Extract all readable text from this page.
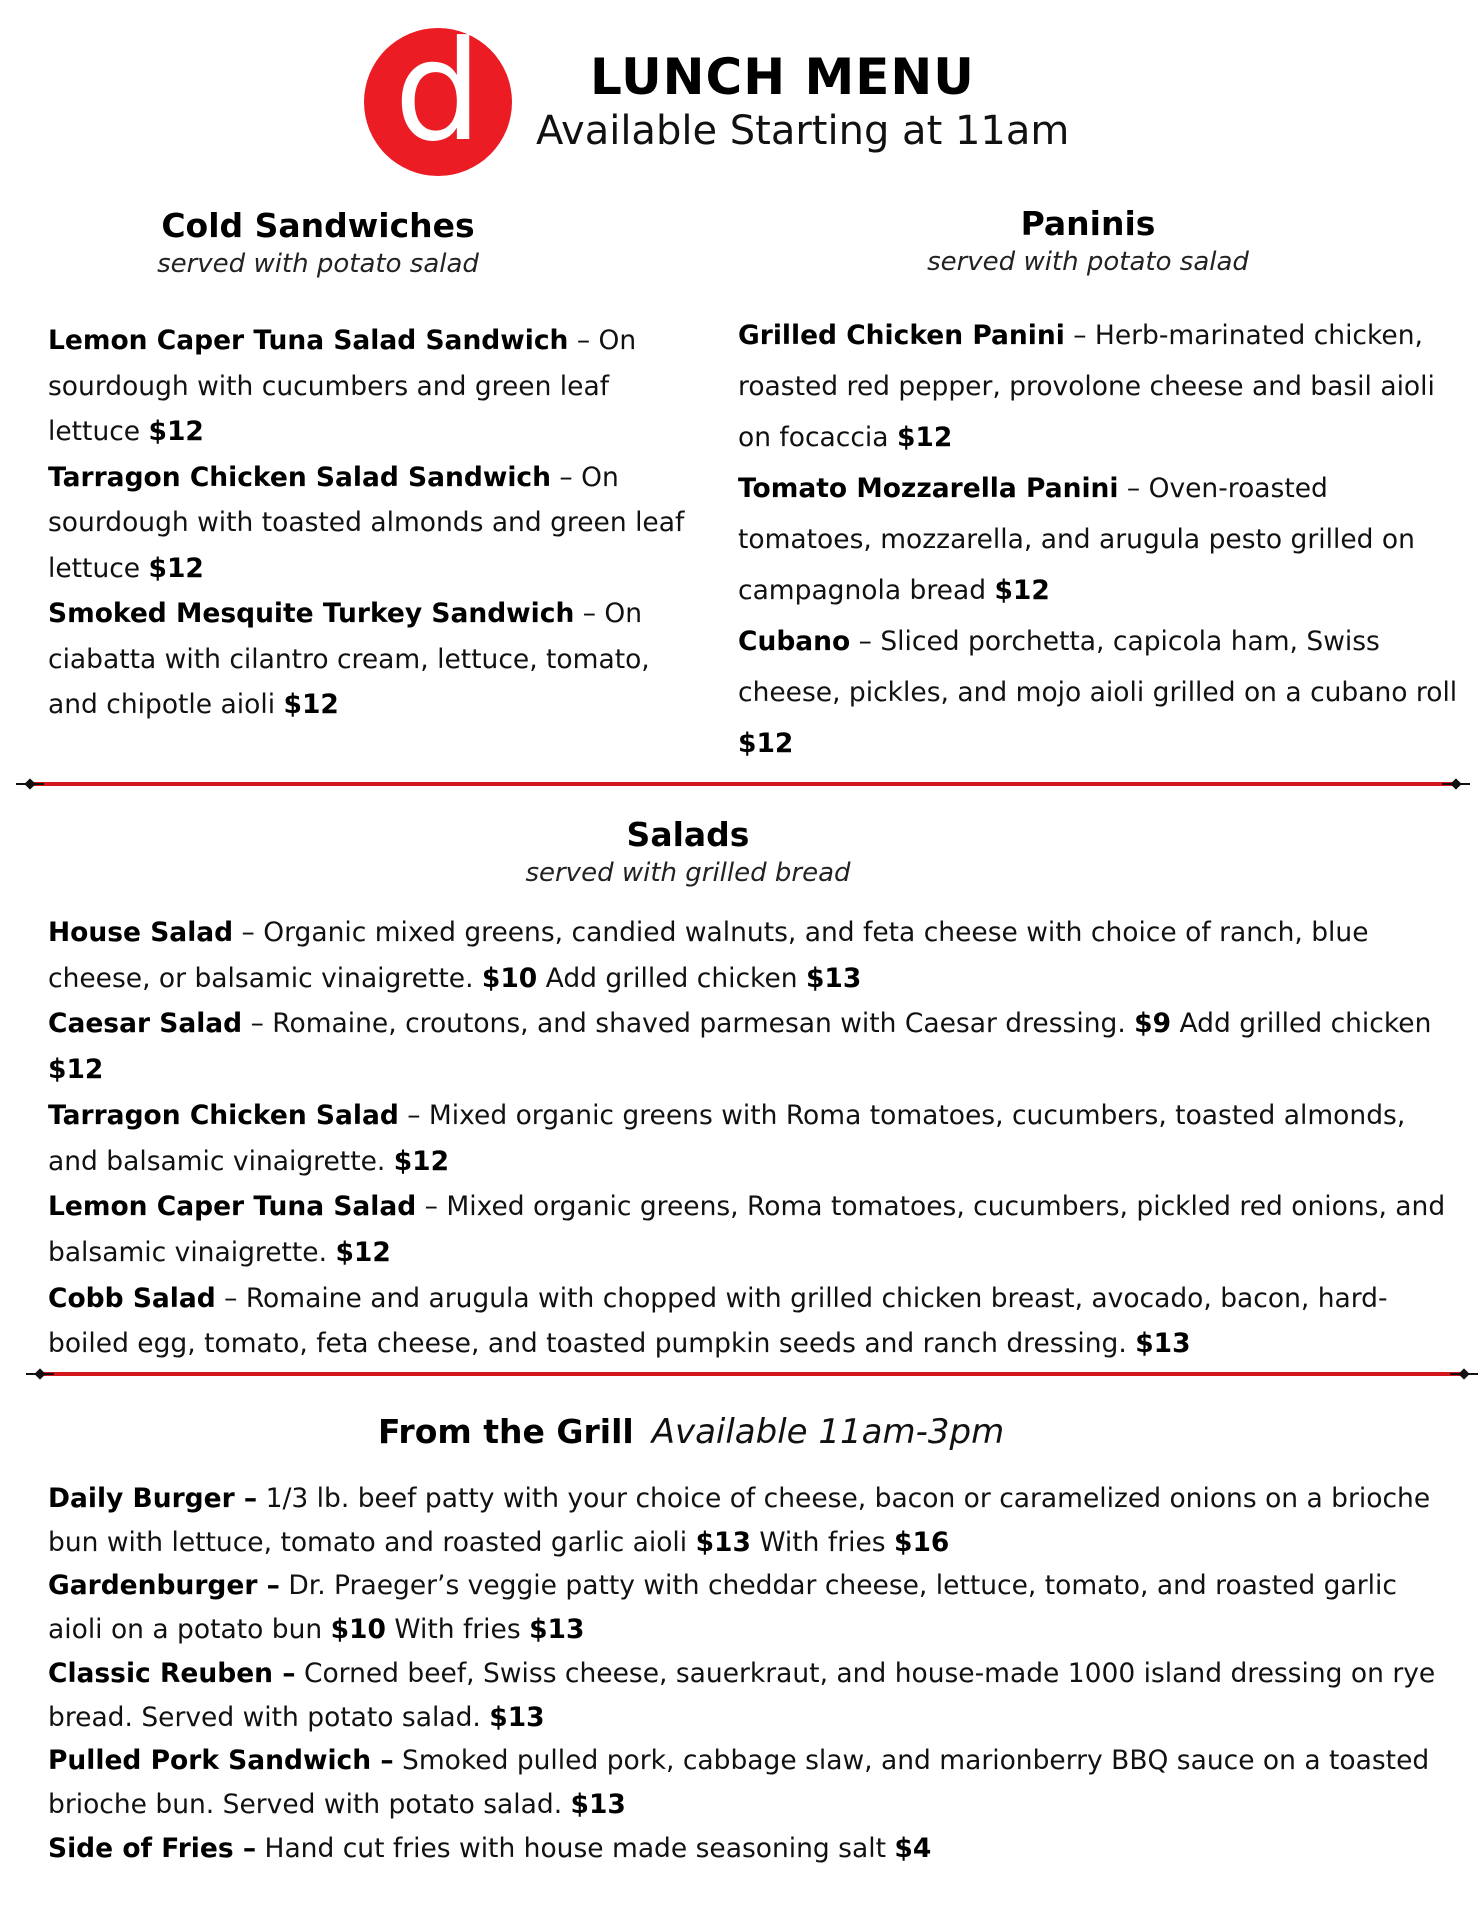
d	LUNCH MENU

Available Starting at 11am

Cold Sandwiches
served with potato salad
Lemon Caper Tuna Salad Sandwich – On sourdough with cucumbers and green leaf lettuce $12
Tarragon Chicken Salad Sandwich – On sourdough with toasted almonds and green leaf lettuce $12
Smoked Mesquite Turkey Sandwich – On ciabatta with cilantro cream, lettuce, tomato, and chipotle aioli $12
Paninis
served with potato salad
Grilled Chicken Panini – Herb-marinated chicken, roasted red pepper, provolone cheese and basil aioli on focaccia $12
Tomato Mozzarella Panini – Oven-roasted tomatoes, mozzarella, and arugula pesto grilled on campagnola bread $12
Cubano – Sliced porchetta, capicola ham, Swiss cheese, pickles, and mojo aioli grilled on a cubano roll $12
Salads
served with grilled bread
House Salad – Organic mixed greens, candied walnuts, and feta cheese with choice of ranch, blue cheese, or balsamic vinaigrette. $10 Add grilled chicken $13
Caesar Salad – Romaine, croutons, and shaved parmesan with Caesar dressing. $9 Add grilled chicken $12
Tarragon Chicken Salad – Mixed organic greens with Roma tomatoes, cucumbers, toasted almonds, and balsamic vinaigrette. $12
Lemon Caper Tuna Salad – Mixed organic greens, Roma tomatoes, cucumbers, pickled red onions, and balsamic vinaigrette. $12
Cobb Salad – Romaine and arugula with chopped with grilled chicken breast, avocado, bacon, hard-boiled egg, tomato, feta cheese, and toasted pumpkin seeds and ranch dressing. $13
From the Grill Available 11am-3pm
Daily Burger – 1/3 lb. beef patty with your choice of cheese, bacon or caramelized onions on a brioche bun with lettuce, tomato and roasted garlic aioli $13 With fries $16
Gardenburger – Dr. Praeger’s veggie patty with cheddar cheese, lettuce, tomato, and roasted garlic aioli on a potato bun $10 With fries $13
Classic Reuben – Corned beef, Swiss cheese, sauerkraut, and house-made 1000 island dressing on rye bread. Served with potato salad. $13
Pulled Pork Sandwich – Smoked pulled pork, cabbage slaw, and marionberry BBQ sauce on a toasted brioche bun. Served with potato salad. $13
Side of Fries – Hand cut fries with house made seasoning salt $4
